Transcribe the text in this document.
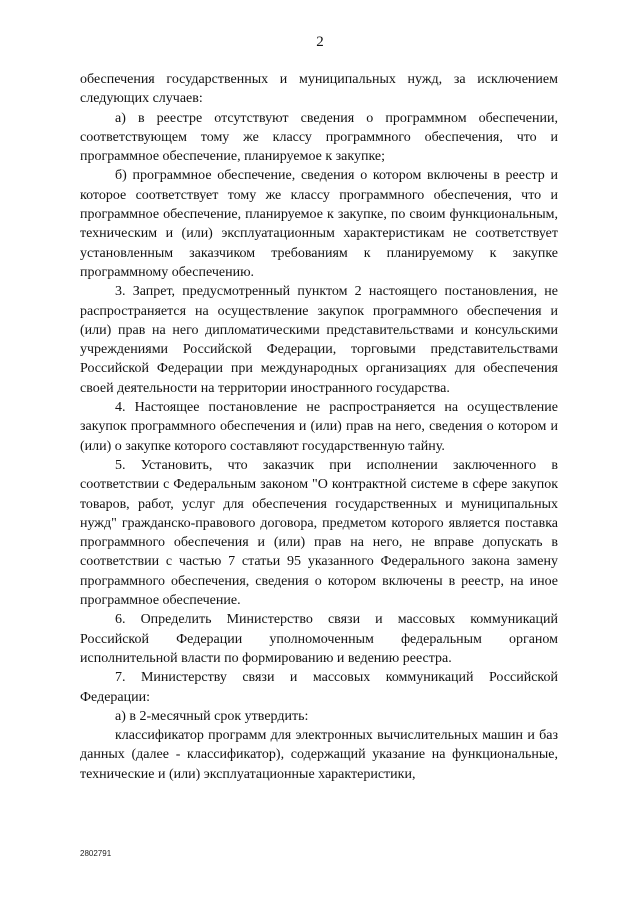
2

обеспечения государственных и муниципальных нужд, за исключением следующих случаев:

а) в реестре отсутствуют сведения о программном обеспечении, соответствующем тому же классу программного обеспечения, что и программное обеспечение, планируемое к закупке;

б) программное обеспечение, сведения о котором включены в реестр и которое соответствует тому же классу программного обеспечения, что и программное обеспечение, планируемое к закупке, по своим функциональным, техническим и (или) эксплуатационным характеристикам не соответствует установленным заказчиком требованиям к планируемому к закупке программному обеспечению.

3. Запрет, предусмотренный пунктом 2 настоящего постановления, не распространяется на осуществление закупок программного обеспечения и (или) прав на него дипломатическими представительствами и консульскими учреждениями Российской Федерации, торговыми представительствами Российской Федерации при международных организациях для обеспечения своей деятельности на территории иностранного государства.

4. Настоящее постановление не распространяется на осуществление закупок программного обеспечения и (или) прав на него, сведения о котором и (или) о закупке которого составляют государственную тайну.

5. Установить, что заказчик при исполнении заключенного в соответствии с Федеральным законом "О контрактной системе в сфере закупок товаров, работ, услуг для обеспечения государственных и муниципальных нужд" гражданско-правового договора, предметом которого является поставка программного обеспечения и (или) прав на него, не вправе допускать в соответствии с частью 7 статьи 95 указанного Федерального закона замену программного обеспечения, сведения о котором включены в реестр, на иное программное обеспечение.

6. Определить Министерство связи и массовых коммуникаций Российской Федерации уполномоченным федеральным органом исполнительной власти по формированию и ведению реестра.

7. Министерству связи и массовых коммуникаций Российской Федерации:

а) в 2-месячный срок утвердить:

классификатор программ для электронных вычислительных машин и баз данных (далее - классификатор), содержащий указание на функциональные, технические и (или) эксплуатационные характеристики,

2802791
